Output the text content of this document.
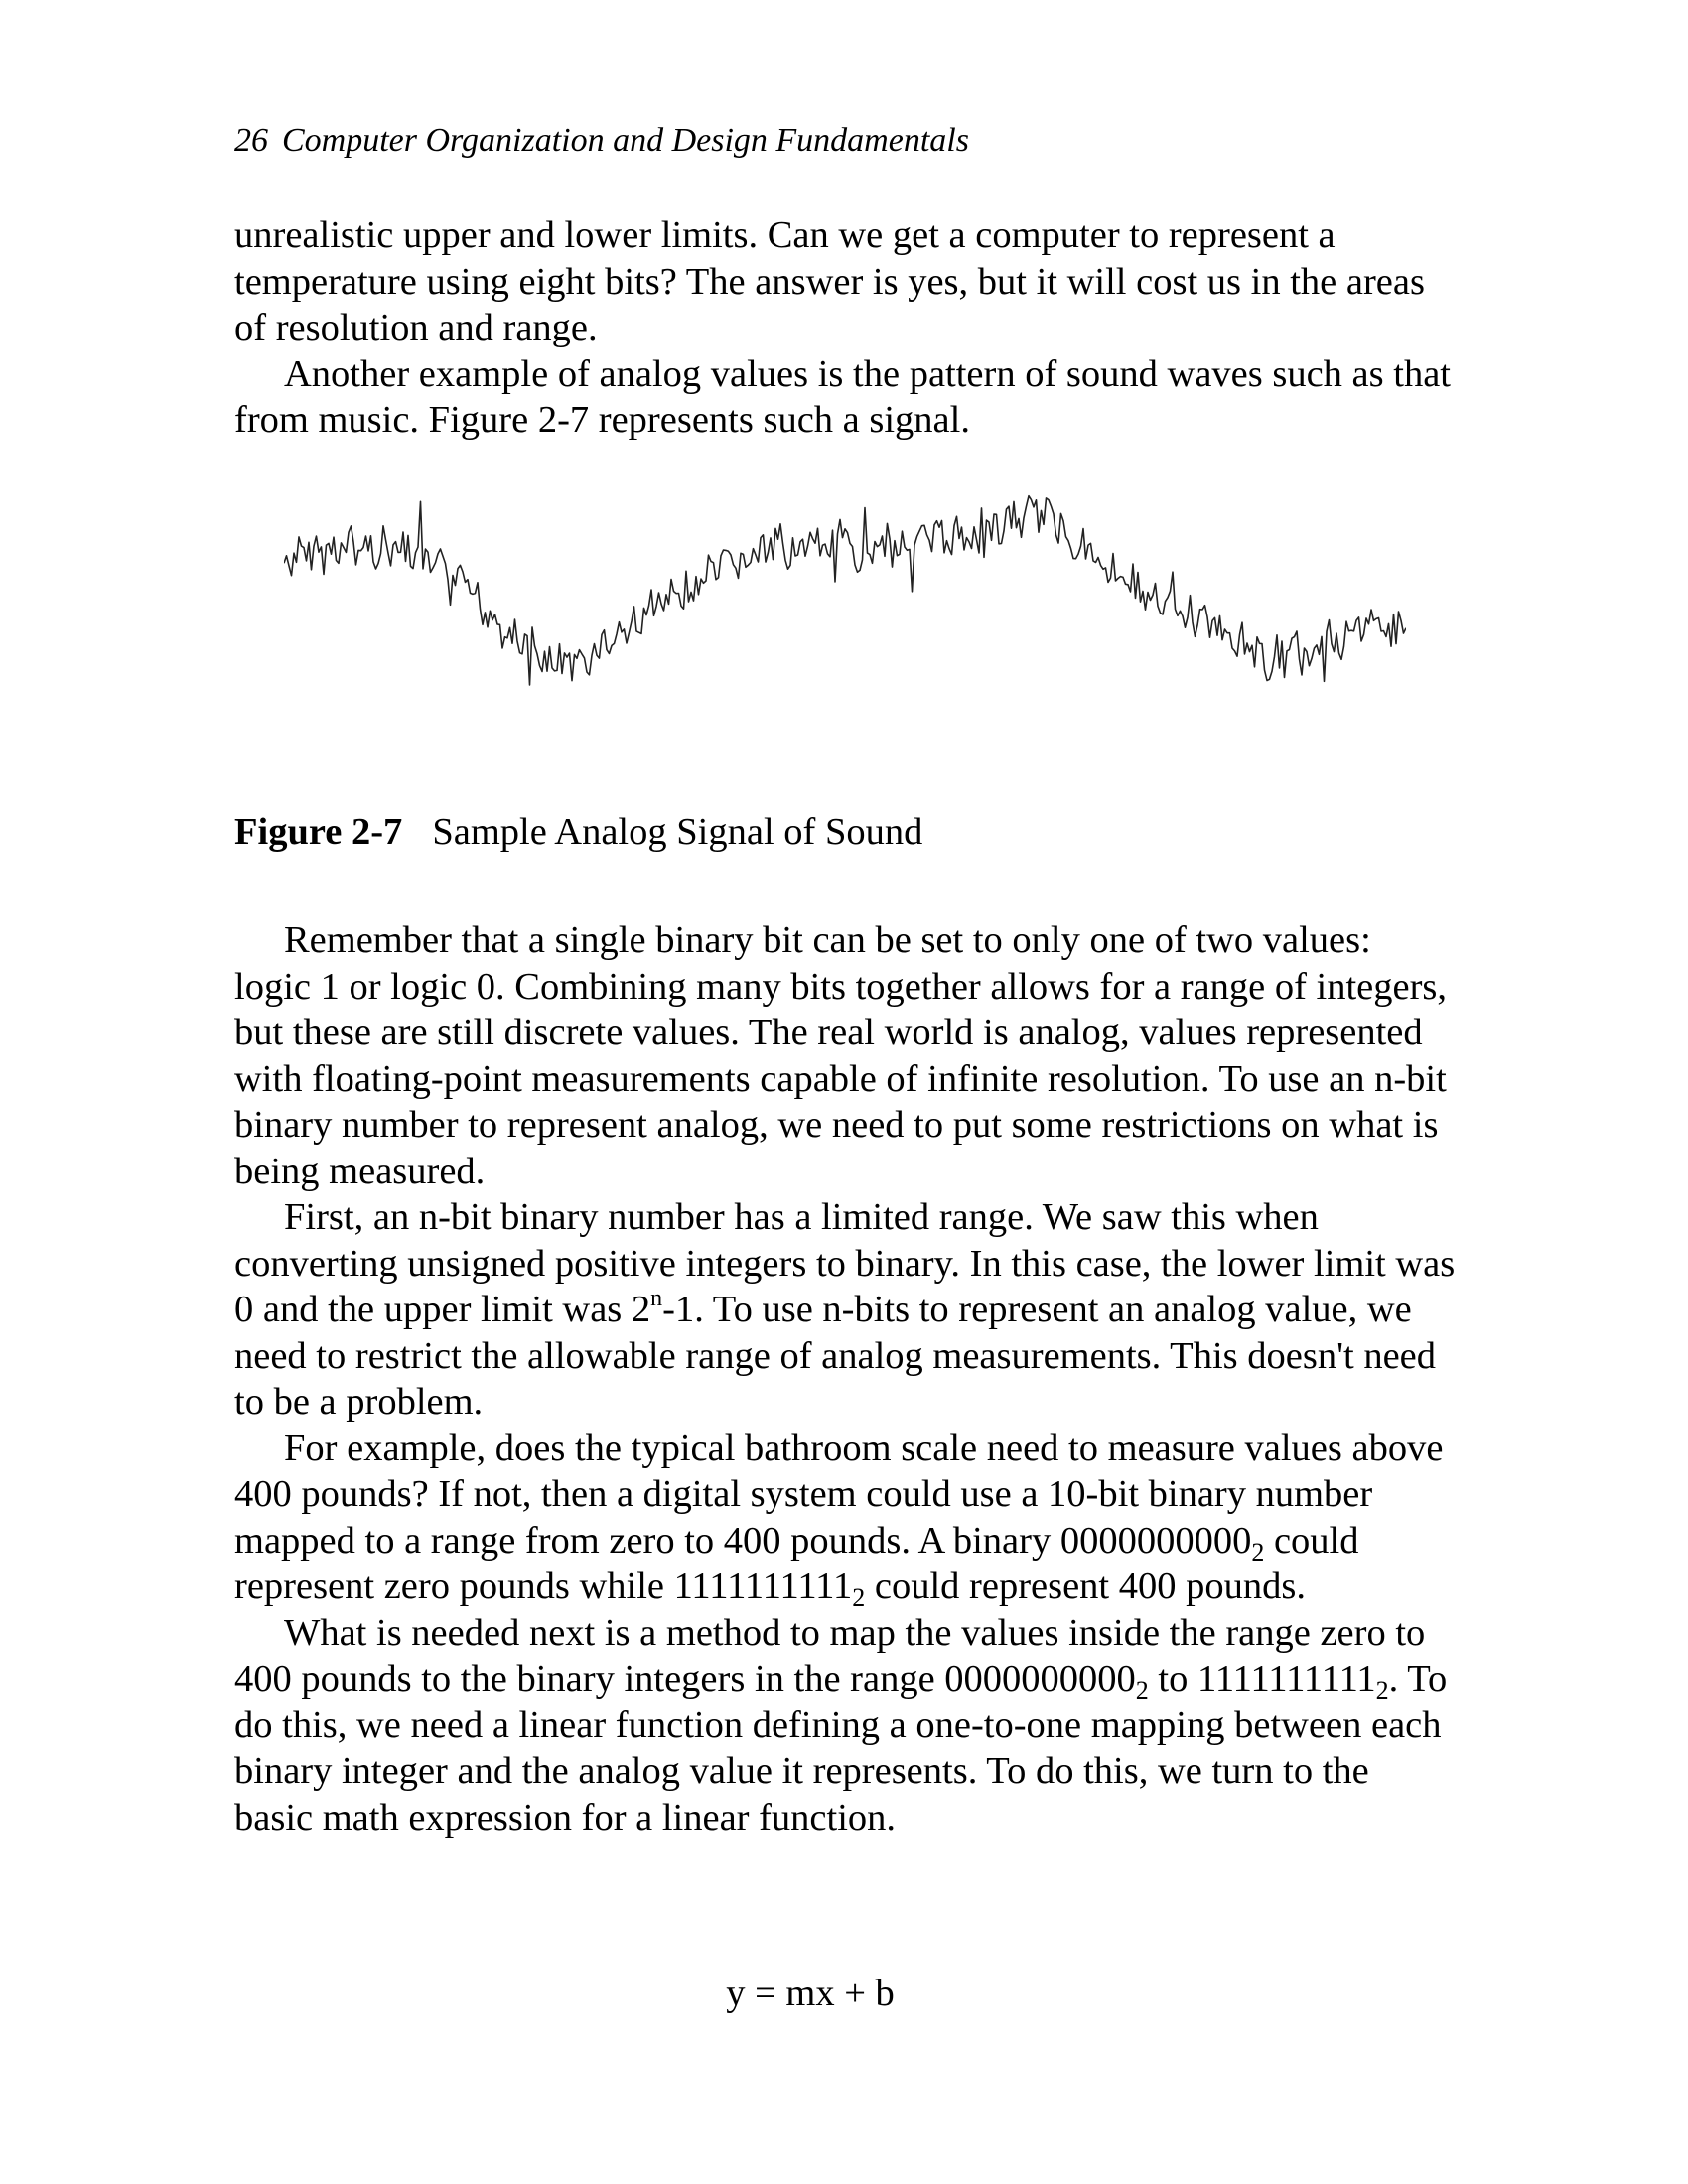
26 Computer Organization and Design Fundamentals

unrealistic upper and lower limits. Can we get a computer to represent a temperature using eight bits? The answer is yes, but it will cost us in the areas of resolution and range.

Another example of analog values is the pattern of sound waves such as that from music. Figure 2-7 represents such a signal.

Figure 2-7 Sample Analog Signal of Sound

Remember that a single binary bit can be set to only one of two values: logic 1 or logic 0. Combining many bits together allows for a range of integers, but these are still discrete values. The real world is analog, values represented with floating-point measurements capable of infinite resolution. To use an n-bit binary number to represent analog, we need to put some restrictions on what is being measured.

First, an n-bit binary number has a limited range. We saw this when converting unsigned positive integers to binary. In this case, the lower limit was 0 and the upper limit was 2$^n$-1. To use n-bits to represent an analog value, we need to restrict the allowable range of analog measurements. This doesn't need to be a problem.

For example, does the typical bathroom scale need to measure values above 400 pounds? If not, then a digital system could use a 10-bit binary number mapped to a range from zero to 400 pounds. A binary $0000000000_2$ could represent zero pounds while $1111111111_2$ could represent 400 pounds.

What is needed next is a method to map the values inside the range zero to 400 pounds to the binary integers in the range $0000000000_2$ to $1111111111_2$. To do this, we need a linear function defining a one-to-one mapping between each binary integer and the analog value it represents. To do this, we turn to the basic math expression for a linear function.

y = mx + b
